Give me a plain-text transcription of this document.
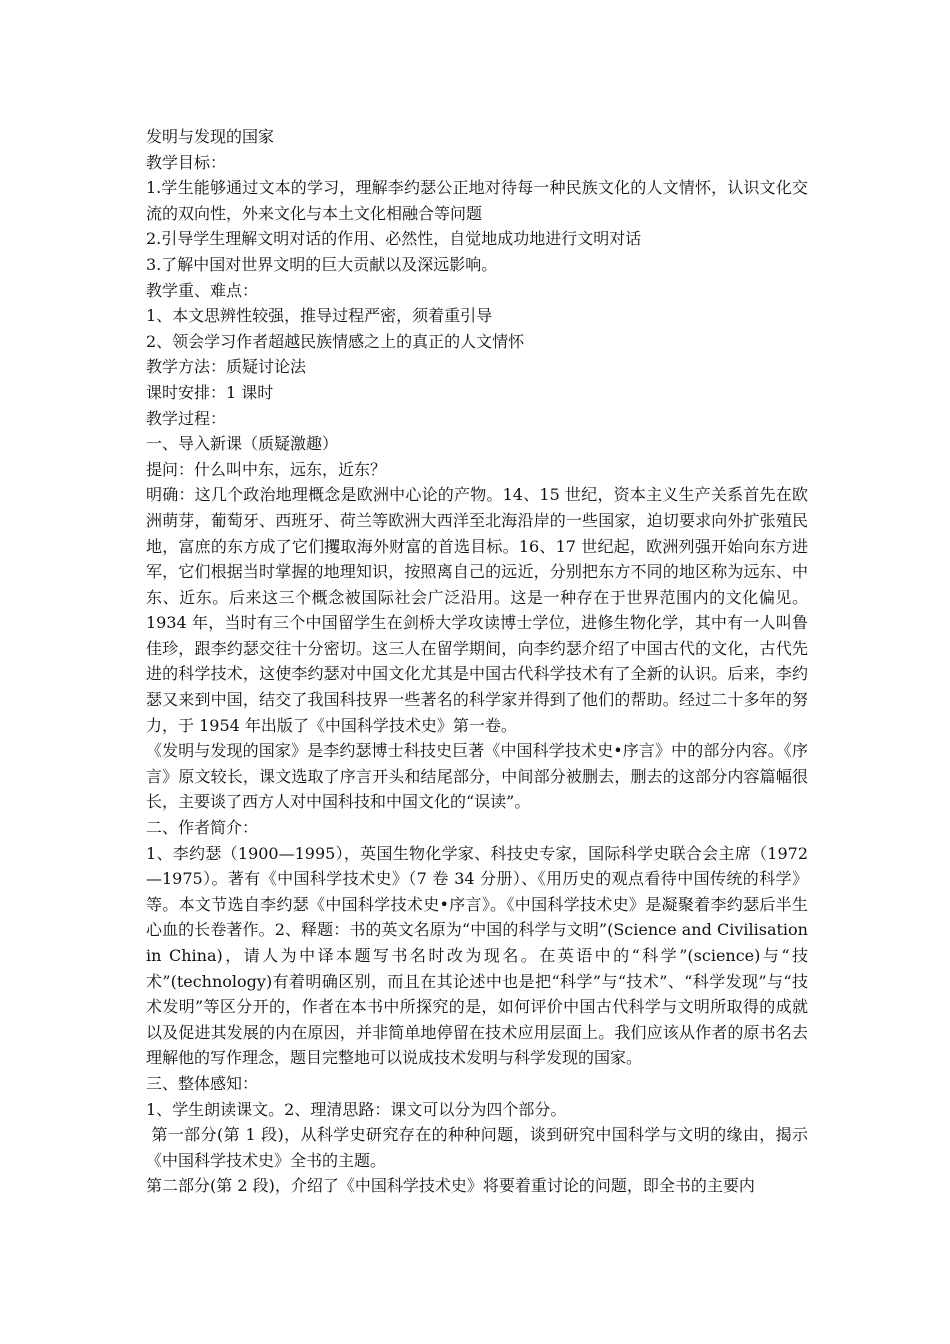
发明与发现的国家

教学目标：

1.学生能够通过文本的学习，理解李约瑟公正地对待每一种民族文化的人文情怀，认识文化交流的双向性，外来文化与本土文化相融合等问题

2.引导学生理解文明对话的作用、必然性，自觉地成功地进行文明对话

3.了解中国对世界文明的巨大贡献以及深远影响。

教学重、难点：

1、本文思辨性较强，推导过程严密，须着重引导

2、领会学习作者超越民族情感之上的真正的人文情怀

教学方法：质疑讨论法

课时安排：1 课时

教学过程：

一、导入新课（质疑激趣）

提问：什么叫中东，远东，近东？

明确：这几个政治地理概念是欧洲中心论的产物。14、15 世纪，资本主义生产关系首先在欧洲萌芽，葡萄牙、西班牙、荷兰等欧洲大西洋至北海沿岸的一些国家，迫切要求向外扩张殖民地，富庶的东方成了它们攫取海外财富的首选目标。16、17 世纪起，欧洲列强开始向东方进军，它们根据当时掌握的地理知识，按照离自己的远近，分别把东方不同的地区称为远东、中东、近东。后来这三个概念被国际社会广泛沿用。这是一种存在于世界范围内的文化偏见。1934 年，当时有三个中国留学生在剑桥大学攻读博士学位，进修生物化学，其中有一人叫鲁佳珍，跟李约瑟交往十分密切。这三人在留学期间，向李约瑟介绍了中国古代的文化，古代先进的科学技术，这使李约瑟对中国文化尤其是中国古代科学技术有了全新的认识。后来，李约瑟又来到中国，结交了我国科技界一些著名的科学家并得到了他们的帮助。经过二十多年的努力，于 1954 年出版了《中国科学技术史》第一卷。

《发明与发现的国家》是李约瑟博士科技史巨著《中国科学技术史•序言》中的部分内容。《序言》原文较长，课文选取了序言开头和结尾部分，中间部分被删去，删去的这部分内容篇幅很长，主要谈了西方人对中国科技和中国文化的“误读”。

二、作者简介：

1、李约瑟（1900—1995），英国生物化学家、科技史专家，国际科学史联合会主席（1972—1975）。著有《中国科学技术史》（7 卷 34 分册）、《用历史的观点看待中国传统的科学》等。本文节选自李约瑟《中国科学技术史•序言》。《中国科学技术史》是凝聚着李约瑟后半生心血的长卷著作。2、释题：书的英文名原为“中国的科学与文明”(Science and Civilisation in China)，请人为中译本题写书名时改为现名。在英语中的“科学”(science)与“技术”(technology)有着明确区别，而且在其论述中也是把“科学”与“技术”、“科学发现”与“技术发明”等区分开的，作者在本书中所探究的是，如何评价中国古代科学与文明所取得的成就以及促进其发展的内在原因，并非简单地停留在技术应用层面上。我们应该从作者的原书名去理解他的写作理念，题目完整地可以说成技术发明与科学发现的国家。

三、整体感知：

1、学生朗读课文。2、理清思路：课文可以分为四个部分。

第一部分(第 1 段)，从科学史研究存在的种种问题，谈到研究中国科学与文明的缘由，揭示《中国科学技术史》全书的主题。

第二部分(第 2 段)，介绍了《中国科学技术史》将要着重讨论的问题，即全书的主要内
